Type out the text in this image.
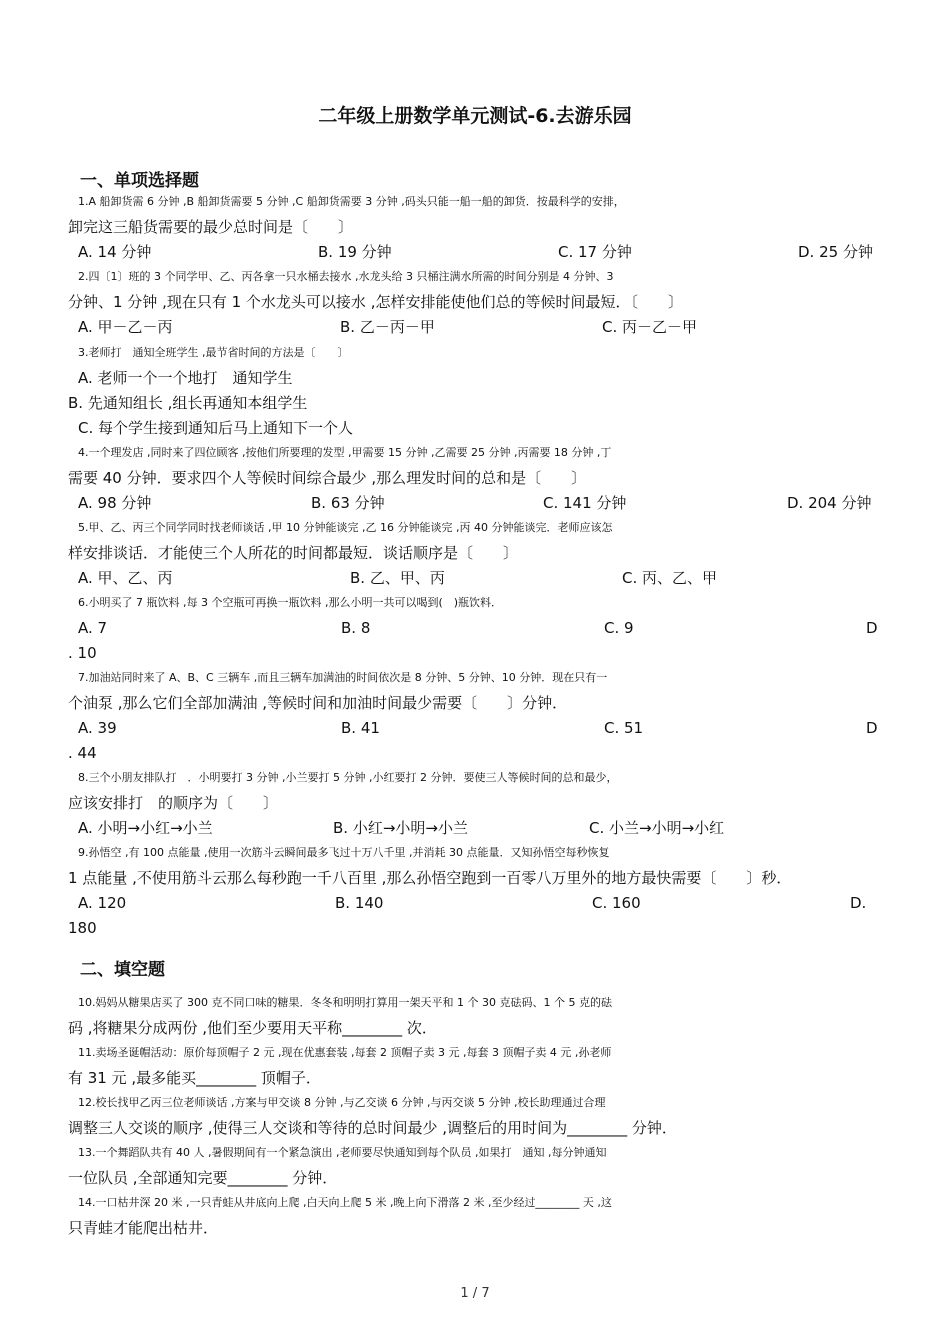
二年级上册数学单元测试-6.去游乐园
一、单项选择题
1.A 船卸货需 6 分钟 ,B 船卸货需要 5 分钟 ,C 船卸货需要 3 分钟 ,码头只能一船一船的卸货．按最科学的安排，
卸完这三船货需要的最少总时间是〔　　〕
A. 14 分钟	B. 19 分钟	C. 17 分钟	D. 25 分钟
2.四〔1〕班的 3 个同学甲、乙、丙各拿一只水桶去接水 ,水龙头给 3 只桶注满水所需的时间分别是 4 分钟、3
分钟、1 分钟 ,现在只有 1 个水龙头可以接水 ,怎样安排能使他们总的等候时间最短．〔　　〕
A. 甲－乙－丙	B. 乙－丙－甲	C. 丙－乙－甲
3.老师打　通知全班学生 ,最节省时间的方法是〔　　〕
A. 老师一个一个地打　通知学生
B. 先通知组长 ,组长再通知本组学生
C. 每个学生接到通知后马上通知下一个人
4.一个理发店 ,同时来了四位顾客 ,按他们所要理的发型 ,甲需要 15 分钟 ,乙需要 25 分钟 ,丙需要 18 分钟 ,丁
需要 40 分钟．要求四个人等候时间综合最少 ,那么理发时间的总和是〔　　〕
A. 98 分钟	B. 63 分钟	C. 141 分钟	D. 204 分钟
5.甲、乙、丙三个同学同时找老师谈话 ,甲 10 分钟能谈完 ,乙 16 分钟能谈完 ,丙 40 分钟能谈完．老师应该怎
样安排谈话．才能使三个人所花的时间都最短．谈话顺序是〔　　〕
A. 甲、乙、丙	B. 乙、甲、丙	C. 丙、乙、甲
6.小明买了 7 瓶饮料 ,每 3 个空瓶可再换一瓶饮料 ,那么小明一共可以喝到(　)瓶饮料．
A. 7	B. 8	C. 9	D
. 10
7.加油站同时来了 A、B、C 三辆车 ,而且三辆车加满油的时间依次是 8 分钟、5 分钟、10 分钟．现在只有一
个油泵 ,那么它们全部加满油 ,等候时间和加油时间最少需要〔　　〕分钟．
A. 39	B. 41	C. 51	D
. 44
8.三个小朋友排队打　．小明要打 3 分钟 ,小兰要打 5 分钟 ,小红要打 2 分钟．要使三人等候时间的总和最少，
应该安排打　的顺序为〔　　〕
A. 小明→小红→小兰	B. 小红→小明→小兰	C. 小兰→小明→小红
9.孙悟空 ,有 100 点能量 ,使用一次筋斗云瞬间最多飞过十万八千里 ,并消耗 30 点能量．又知孙悟空每秒恢复
1 点能量 ,不使用筋斗云那么每秒跑一千八百里 ,那么孙悟空跑到一百零八万里外的地方最快需要〔　　〕秒．
A. 120	B. 140	C. 160	D.
180
二、填空题
10.妈妈从糖果店买了 300 克不同口味的糖果．冬冬和明明打算用一架天平和 1 个 30 克砝码、1 个 5 克的砝
码 ,将糖果分成两份 ,他们至少要用天平称________ 次．
11.卖场圣诞帽活动：原价每顶帽子 2 元 ,现在优惠套装 ,每套 2 顶帽子卖 3 元 ,每套 3 顶帽子卖 4 元 ,孙老师
有 31 元 ,最多能买________ 顶帽子．
12.校长找甲乙丙三位老师谈话 ,方案与甲交谈 8 分钟 ,与乙交谈 6 分钟 ,与丙交谈 5 分钟 ,校长助理通过合理
调整三人交谈的顺序 ,使得三人交谈和等待的总时间最少 ,调整后的用时间为________ 分钟．
13.一个舞蹈队共有 40 人 ,暑假期间有一个紧急演出 ,老师要尽快通知到每个队员 ,如果打　通知 ,每分钟通知
一位队员 ,全部通知完要________ 分钟．
14.一口枯井深 20 米 ,一只青蛙从井底向上爬 ,白天向上爬 5 米 ,晚上向下滑落 2 米 ,至少经过________ 天 ,这
只青蛙才能爬出枯井．
1 / 7
